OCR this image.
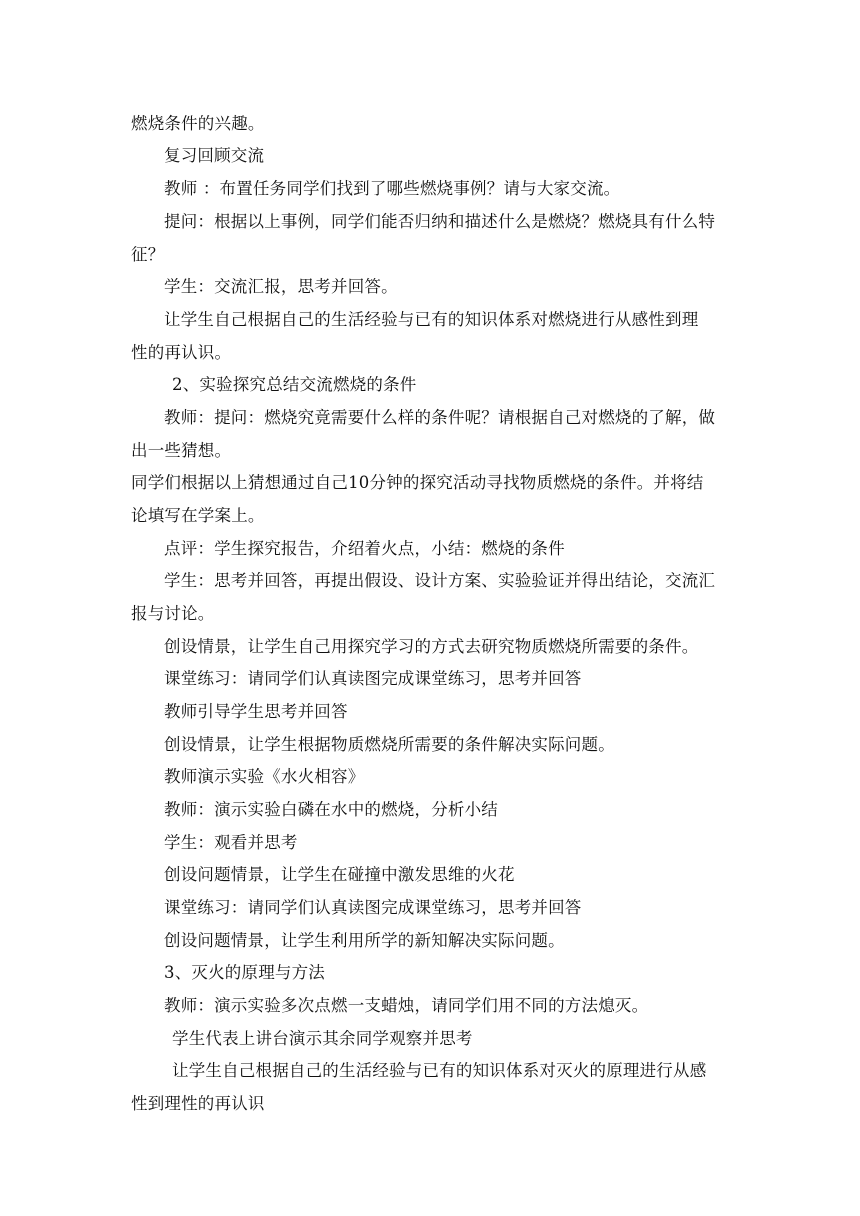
燃烧条件的兴趣。
复习回顾交流
教师 ：布置任务同学们找到了哪些燃烧事例？请与大家交流。
提问：根据以上事例，同学们能否归纳和描述什么是燃烧？燃烧具有什么特
征？
学生：交流汇报，思考并回答。
让学生自己根据自己的生活经验与已有的知识体系对燃烧进行从感性到理
性的再认识。
2、实验探究总结交流燃烧的条件
教师：提问：燃烧究竟需要什么样的条件呢？请根据自己对燃烧的了解，做
出一些猜想。
同学们根据以上猜想通过自己10分钟的探究活动寻找物质燃烧的条件。并将结
论填写在学案上。
点评：学生探究报告，介绍着火点，小结：燃烧的条件
学生：思考并回答，再提出假设、设计方案、实验验证并得出结论，交流汇
报与讨论。
创设情景，让学生自己用探究学习的方式去研究物质燃烧所需要的条件。
课堂练习：请同学们认真读图完成课堂练习，思考并回答
教师引导学生思考并回答
创设情景，让学生根据物质燃烧所需要的条件解决实际问题。
教师演示实验《水火相容》
教师：演示实验白磷在水中的燃烧，分析小结
学生：观看并思考
创设问题情景，让学生在碰撞中激发思维的火花
课堂练习：请同学们认真读图完成课堂练习，思考并回答
创设问题情景，让学生利用所学的新知解决实际问题。
3、灭火的原理与方法
教师：演示实验多次点燃一支蜡烛，请同学们用不同的方法熄灭。
学生代表上讲台演示其余同学观察并思考
让学生自己根据自己的生活经验与已有的知识体系对灭火的原理进行从感
性到理性的再认识
